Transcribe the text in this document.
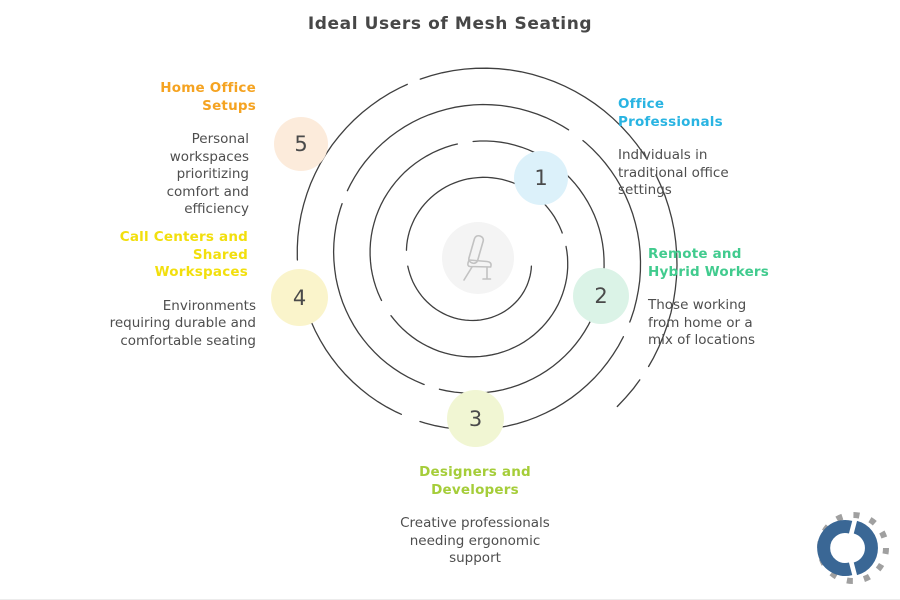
Ideal Users of Mesh Seating
1
2
3
4
5
Office Professionals
Individuals in traditional office settings
Remote and Hybrid Workers
Those working from home or a mix of locations
Designers and Developers
Creative professionals needing ergonomic support
Call Centers and Shared Workspaces
Environments requiring durable and comfortable seating
Home Office Setups
Personal workspaces prioritizing comfort and efficiency
